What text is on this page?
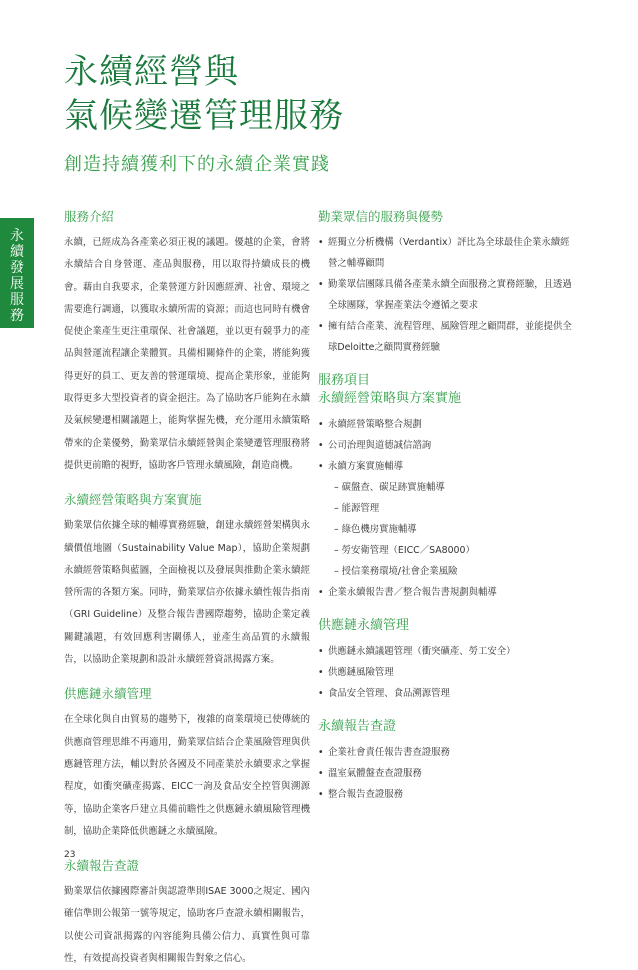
永續經營與
氣候變遷管理服務
創造持續獲利下的永續企業實踐
永
續
發
展
服
務
服務介紹

永續，已經成為各產業必須正視的議題。優越的企業，會將永續結合自身營運、產品與服務，用以取得持續成長的機會。藉由自我要求，企業營運方針因應經濟、社會、環境之需要進行調適，以獲取永續所需的資源；而這也同時有機會促使企業產生更注重環保、社會議題，並以更有競爭力的產品與營運流程讓企業體質。具備相關條件的企業，將能夠獲得更好的員工、更友善的營運環境、提高企業形象，並能夠取得更多大型投資者的資金挹注。為了協助客戶能夠在永續及氣候變遷相關議題上，能夠掌握先機，充分運用永續策略帶來的企業優勢，勤業眾信永續經營與企業變遷管理服務將提供更前瞻的視野，協助客戶管理永續風險，創造商機。

永續經營策略與方案實施

勤業眾信依據全球的輔導實務經驗，創建永續經營架構與永續價值地圖（Sustainability Value Map），協助企業規劃永續經營策略與藍圖，全面檢視以及發展與推動企業永續經營所需的各類方案。同時，勤業眾信亦依據永續性報告指南（GRI Guideline）及整合報告書國際趨勢，協助企業定義關鍵議題，有效回應利害關係人，並產生高品質的永續報告，以協助企業規劃和設計永續經營資訊揭露方案。

供應鏈永續管理

在全球化與自由貿易的趨勢下，複雜的商業環境已使傳統的供應商管理思維不再適用，勤業眾信結合企業風險管理與供應鏈管理方法，輔以對於各國及不同產業於永續要求之掌握程度，如衝突礦產揭露、EICC一詢及食品安全控管與溯源等，協助企業客戶建立具備前瞻性之供應鏈永續風險管理機制，協助企業降低供應鏈之永續風險。

永續報告查證

勤業眾信依據國際審計與認證準則ISAE 3000之規定、國內確信準則公報第一號等規定，協助客戶查證永續相關報告，以使公司資訊揭露的內容能夠具備公信力、真實性與可靠性，有效提高投資者與相關報告對象之信心。

勤業眾信的服務與優勢
• 經獨立分析機構（Verdantix）評比為全球最佳企業永續經營之輔導顧問
• 勤業眾信團隊具備各產業永續全面服務之實務經驗，且透過全球團隊，掌握產業法令遵循之要求
• 擁有結合產業、流程管理、風險管理之顧問群，並能提供全球Deloitte之顧問實務經驗
服務項目
永續經營策略與方案實施
• 永續經營策略整合規劃
• 公司治理與道德誠信諮詢
• 永續方案實施輔導
– 碳盤查、碳足跡實施輔導
– 能源管理
– 綠色機房實施輔導
– 勞安衛管理（EICC／SA8000）
– 授信業務環境/社會企業風險
• 企業永續報告書／整合報告書規劃與輔導
供應鏈永續管理
• 供應鏈永續議題管理（衝突礦產、勞工安全）
• 供應鏈風險管理
• 食品安全管理、食品溯源管理
永續報告查證
• 企業社會責任報告書查證服務
• 溫室氣體盤查查證服務
• 整合報告查證服務
23
